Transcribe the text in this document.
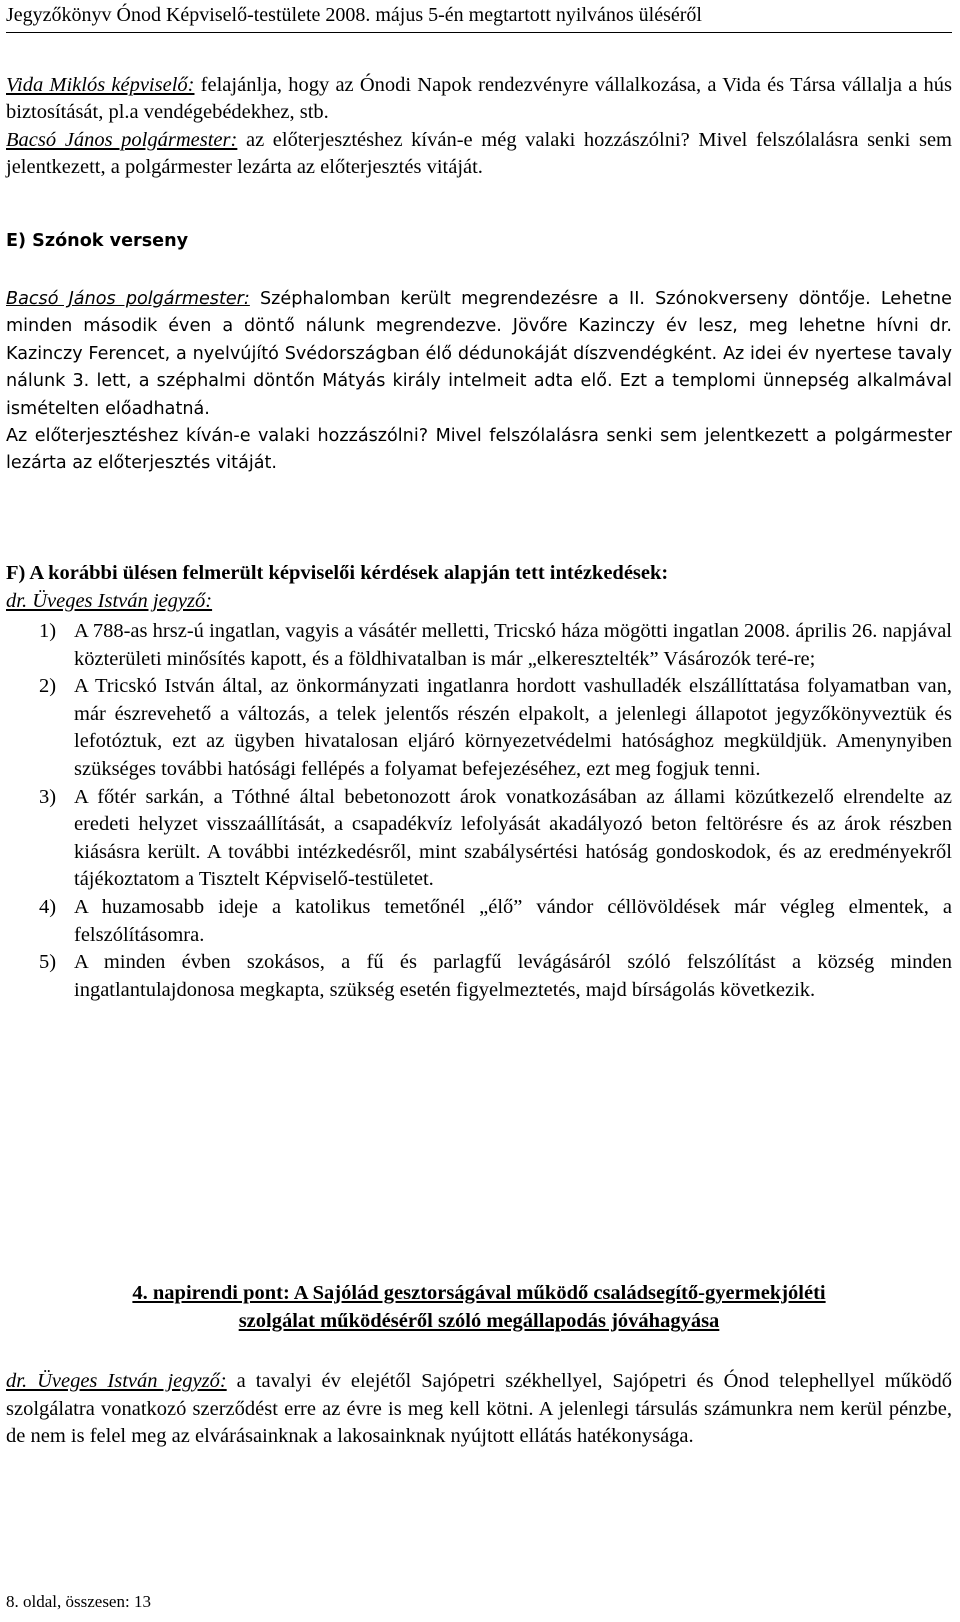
Jegyzőkönyv Ónod Képviselő-testülete 2008. május 5-én megtartott nyilvános üléséről
Vida Miklós képviselő: felajánlja, hogy az Ónodi Napok rendezvényre vállalkozása, a Vida és Társa vállalja a hús biztosítását, pl.a vendégebédekhez, stb.
Bacsó János polgármester: az előterjesztéshez kíván-e még valaki hozzászólni? Mivel felszólalásra senki sem jelentkezett, a polgármester lezárta az előterjesztés vitáját.
E) Szónok verseny
Bacsó János polgármester: Széphalomban került megrendezésre a II. Szónokverseny döntője. Lehetne minden második éven a döntő nálunk megrendezve. Jövőre Kazinczy év lesz, meg lehetne hívni dr. Kazinczy Ferencet, a nyelvújító Svédországban élő dédunokáját díszvendégként. Az idei év nyertese tavaly nálunk 3. lett, a széphalmi döntőn Mátyás király intelmeit adta elő. Ezt a templomi ünnepség alkalmával ismételten előadhatná.
Az előterjesztéshez kíván-e valaki hozzászólni? Mivel felszólalásra senki sem jelentkezett a polgármester lezárta az előterjesztés vitáját.
F) A korábbi ülésen felmerült képviselői kérdések alapján tett intézkedések:
dr. Üveges István jegyző:
1) A 788-as hrsz-ú ingatlan, vagyis a vásátér melletti, Tricskó háza mögötti ingatlan 2008. április 26. napjával közterületi minősítés kapott, és a földhivatalban is már „elkeresztelték” Vásározók teré-re;
2) A Tricskó István által, az önkormányzati ingatlanra hordott vashulladék elszállíttatása folyamatban van, már észrevehető a változás, a telek jelentős részén elpakolt, a jelenlegi állapotot jegyzőkönyveztük és lefotóztuk, ezt az ügyben hivatalosan eljáró környezetvédelmi hatósághoz megküldjük. Amenynyiben szükséges további hatósági fellépés a folyamat befejezéséhez, ezt meg fogjuk tenni.
3) A főtér sarkán, a Tóthné által bebetonozott árok vonatkozásában az állami közútkezelő elrendelte az eredeti helyzet visszaállítását, a csapadékvíz lefolyását akadályozó beton feltörésre és az árok részben kiásásra került. A további intézkedésről, mint szabálysértési hatóság gondoskodok, és az eredményekről tájékoztatom a Tisztelt Képviselő-testületet.
4) A huzamosabb ideje a katolikus temetőnél „élő” vándor céllövöldések már végleg elmentek, a felszólításomra.
5) A minden évben szokásos, a fű és parlagfű levágásáról szóló felszólítást a község minden ingatlantulajdonosa megkapta, szükség esetén figyelmeztetés, majd bírságolás következik.
4. napirendi pont: A Sajólád gesztorságával működő családsegítő-gyermekjóléti
szolgálat működéséről szóló megállapodás jóváhagyása
dr. Üveges István jegyző: a tavalyi év elejétől Sajópetri székhellyel, Sajópetri és Ónod telephellyel működő szolgálatra vonatkozó szerződést erre az évre is meg kell kötni. A jelenlegi társulás számunkra nem kerül pénzbe, de nem is felel meg az elvárásainknak a lakosainknak nyújtott ellátás hatékonysága.
8. oldal, összesen: 13
